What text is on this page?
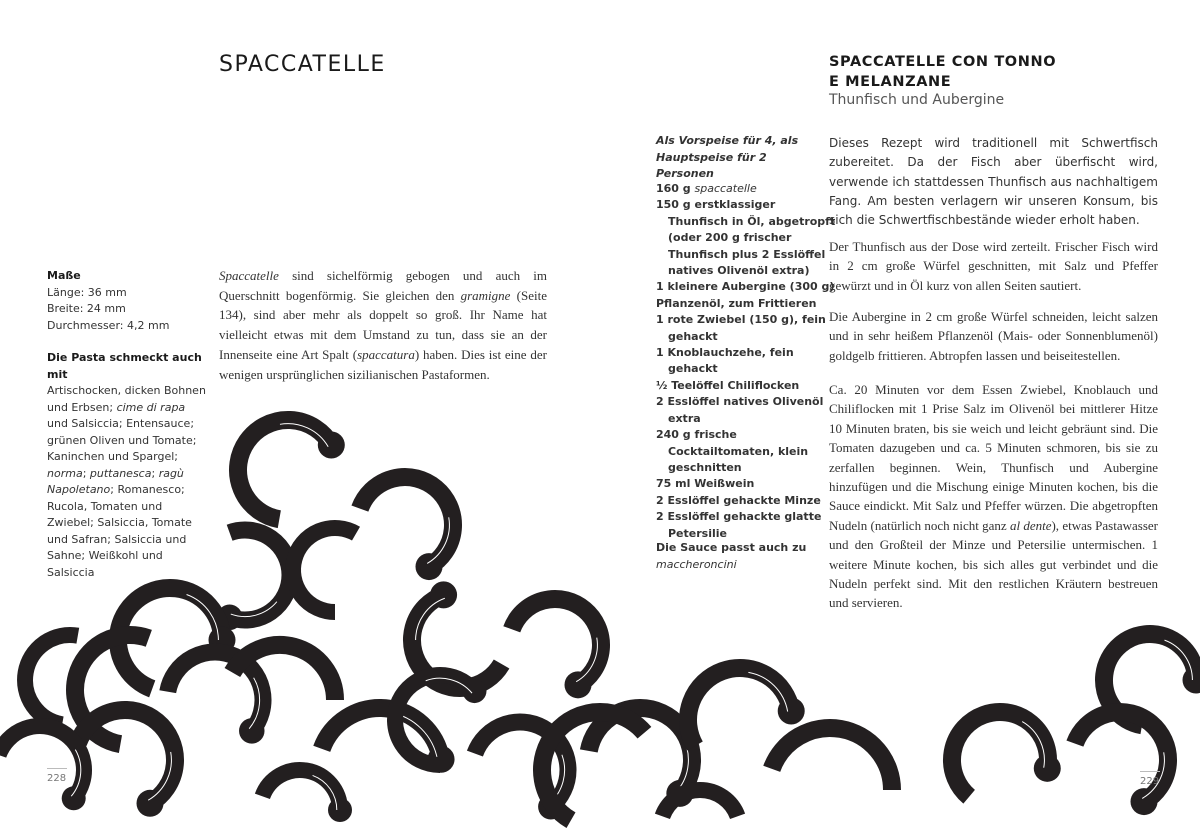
SPACCATELLE
Maße
Länge: 36 mm
Breite: 24 mm
Durchmesser: 4,2 mm
Die Pasta schmeckt auch mit
Artischocken, dicken Bohnen und Erbsen; cime di rapa und Salsiccia; Entensauce; grünen Oliven und Tomate; Kaninchen und Spargel; norma; puttanesca; ragù Napoletano; Romanesco; Rucola, Tomaten und Zwiebel; Salsiccia, Tomate und Safran; Salsiccia und Sahne; Weißkohl und Salsiccia
Spaccatelle sind sichelförmig gebogen und auch im Querschnitt bogenförmig. Sie gleichen den gramigne (Seite 134), sind aber mehr als doppelt so groß. Ihr Name hat vielleicht etwas mit dem Umstand zu tun, dass sie an der Innenseite eine Art Spalt (spaccatura) haben. Dies ist eine der wenigen ursprünglichen sizilianischen Pastaformen.
228
SPACCATELLE CON TONNO
E MELANZANE
Thunfisch und Aubergine
Als Vorspeise für 4, als
Hauptspeise für 2 Personen
160 g spaccatelle
150 g erstklassiger Thunfisch in Öl, abgetropft (oder 200 g frischer Thunfisch plus 2 Esslöffel natives Olivenöl extra)
1 kleinere Aubergine (300 g)
Pflanzenöl, zum Frittieren
1 rote Zwiebel (150 g), fein gehackt
1 Knoblauchzehe, fein gehackt
½ Teelöffel Chiliflocken
2 Esslöffel natives Olivenöl extra
240 g frische Cocktailtomaten, klein geschnitten
75 ml Weißwein
2 Esslöffel gehackte Minze
2 Esslöffel gehackte glatte Petersilie
Die Sauce passt auch zu
maccheroncini

Dieses Rezept wird traditionell mit Schwertfisch zubereitet. Da der Fisch aber überfischt wird, verwende ich stattdessen Thunfisch aus nachhaltigem Fang. Am besten verlagern wir unseren Konsum, bis sich die Schwertfischbestände wieder erholt haben.

Der Thunfisch aus der Dose wird zerteilt. Frischer Fisch wird in 2 cm große Würfel geschnitten, mit Salz und Pfeffer gewürzt und in Öl kurz von allen Seiten sautiert.

Die Aubergine in 2 cm große Würfel schneiden, leicht salzen und in sehr heißem Pflanzenöl (Mais- oder Sonnenblumenöl) goldgelb frittieren. Abtropfen lassen und beiseitestellen.

Ca. 20 Minuten vor dem Essen Zwiebel, Knoblauch und Chiliflocken mit 1 Prise Salz im Olivenöl bei mittlerer Hitze 10 Minuten braten, bis sie weich und leicht gebräunt sind. Die Tomaten dazugeben und ca. 5 Minuten schmoren, bis sie zu zerfallen beginnen. Wein, Thunfisch und Aubergine hinzufügen und die Mischung einige Minuten kochen, bis die Sauce eindickt. Mit Salz und Pfeffer würzen. Die abgetropften Nudeln (natürlich noch nicht ganz al dente), etwas Pastawasser und den Großteil der Minze und Petersilie untermischen. 1 weitere Minute kochen, bis sich alles gut verbindet und die Nudeln perfekt sind. Mit den restlichen Kräutern bestreuen und servieren.

229
